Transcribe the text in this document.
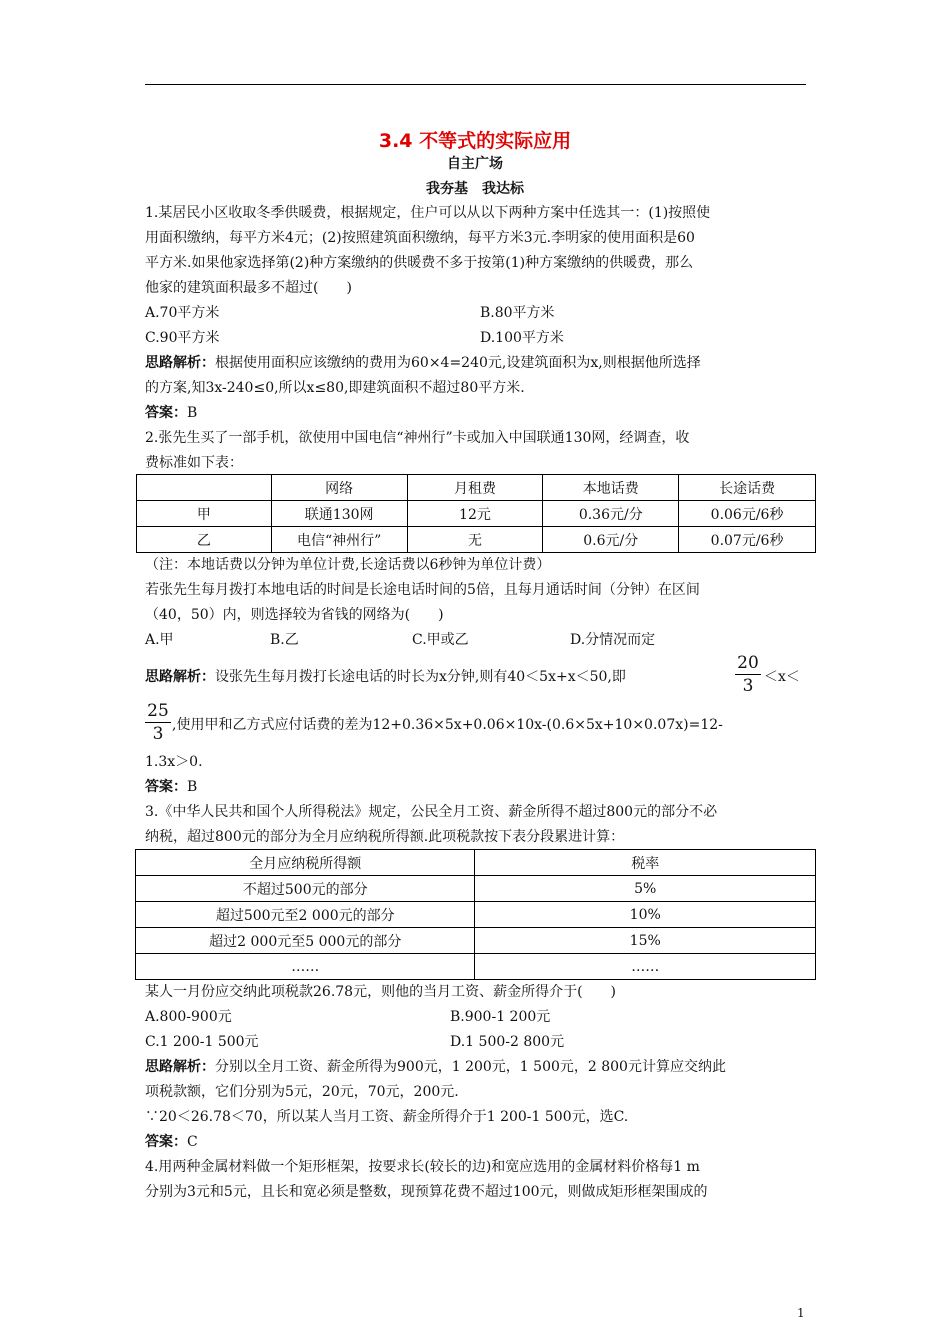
3.4 不等式的实际应用
自主广场
我夯基　我达标
1.某居民小区收取冬季供暖费，根据规定，住户可以从以下两种方案中任选其一：(1)按照使
用面积缴纳，每平方米4元；(2)按照建筑面积缴纳，每平方米3元.李明家的使用面积是60
平方米.如果他家选择第(2)种方案缴纳的供暖费不多于按第(1)种方案缴纳的供暖费，那么
他家的建筑面积最多不超过(　　)
A.70平方米	B.80平方米
C.90平方米	D.100平方米
思路解析：根据使用面积应该缴纳的费用为60×4=240元,设建筑面积为x,则根据他所选择
的方案,知3x-240≤0,所以x≤80,即建筑面积不超过80平方米.
答案：B
2.张先生买了一部手机，欲使用中国电信“神州行”卡或加入中国联通130网，经调查，收
费标准如下表：
	网络	月租费	本地话费	长途话费
甲	联通130网	12元	0.36元/分	0.06元/6秒
乙	电信“神州行”	无	0.6元/分	0.07元/6秒
（注：本地话费以分钟为单位计费,长途话费以6秒钟为单位计费）
若张先生每月拨打本地电话的时间是长途电话时间的5倍，且每月通话时间（分钟）在区间
（40，50）内，则选择较为省钱的网络为(　　)
A.甲	B.乙	C.甲或乙	D.分情况而定
思路解析：设张先生每月拨打长途电话的时长为x分钟,则有40＜5x+x＜50,即	$\frac{20}{3} <x<$
$\frac{25}{3}$ ,使用甲和乙方式应付话费的差为12+0.36×5x+0.06×10x-(0.6×5x+10×0.07x)=12-
1.3x＞0.
答案：B
3.《中华人民共和国个人所得税法》规定，公民全月工资、薪金所得不超过800元的部分不必
纳税，超过800元的部分为全月应纳税所得额.此项税款按下表分段累进计算：
全月应纳税所得额	税率
不超过500元的部分	5%
超过500元至2 000元的部分	10%
超过2 000元至5 000元的部分	15%
……	……
某人一月份应交纳此项税款26.78元，则他的当月工资、薪金所得介于(　　)
A.800-900元	B.900-1 200元
C.1 200-1 500元	D.1 500-2 800元
思路解析：分别以全月工资、薪金所得为900元，1 200元，1 500元，2 800元计算应交纳此
项税款额，它们分别为5元，20元，70元，200元.
∵20＜26.78＜70，所以某人当月工资、薪金所得介于1 200-1 500元，选C.
答案：C
4.用两种金属材料做一个矩形框架，按要求长(较长的边)和宽应选用的金属材料价格每1 m
分别为3元和5元，且长和宽必须是整数，现预算花费不超过100元，则做成矩形框架围成的
1
